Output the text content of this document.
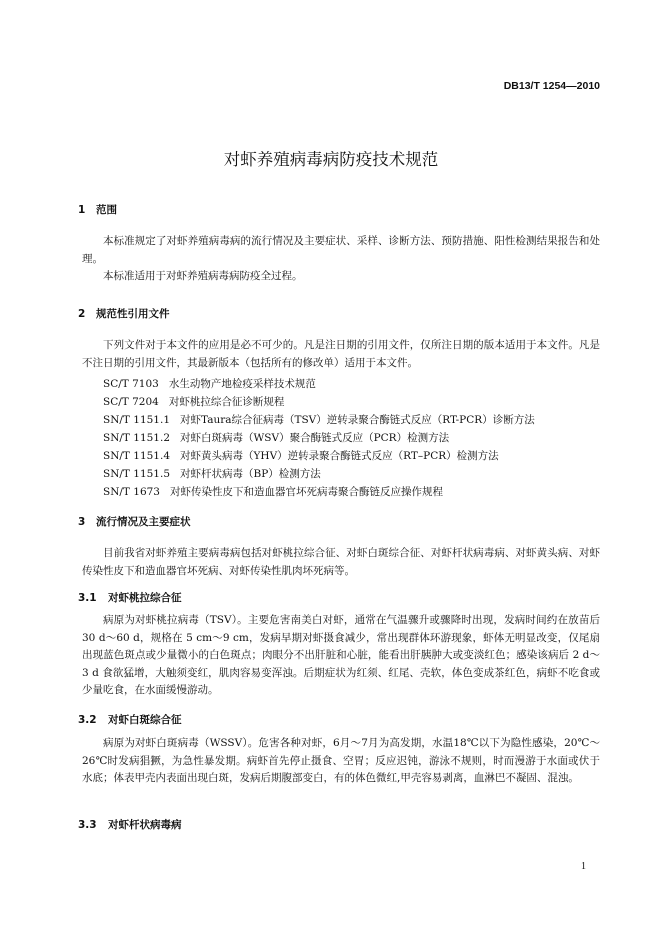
DB13/T 1254—2010
对虾养殖病毒病防疫技术规范
1 范围
本标准规定了对虾养殖病毒病的流行情况及主要症状、采样、诊断方法、预防措施、阳性检测结果报告和处理。
本标准适用于对虾养殖病毒病防疫全过程。
2 规范性引用文件
下列文件对于本文件的应用是必不可少的。凡是注日期的引用文件，仅所注日期的版本适用于本文件。凡是不注日期的引用文件，其最新版本（包括所有的修改单）适用于本文件。
SC/T 7103 水生动物产地检疫采样技术规范
SC/T 7204 对虾桃拉综合征诊断规程
SN/T 1151.1 对虾Taura综合征病毒（TSV）逆转录聚合酶链式反应（RT-PCR）诊断方法
SN/T 1151.2 对虾白斑病毒（WSV）聚合酶链式反应（PCR）检测方法
SN/T 1151.4 对虾黄头病毒（YHV）逆转录聚合酶链式反应（RT–PCR）检测方法
SN/T 1151.5 对虾杆状病毒（BP）检测方法
SN/T 1673 对虾传染性皮下和造血器官坏死病毒聚合酶链反应操作规程
3 流行情况及主要症状
目前我省对虾养殖主要病毒病包括对虾桃拉综合征、对虾白斑综合征、对虾杆状病毒病、对虾黄头病、对虾传染性皮下和造血器官坏死病、对虾传染性肌肉坏死病等。
3.1 对虾桃拉综合征
病原为对虾桃拉病毒（TSV）。主要危害南美白对虾，通常在气温骤升或骤降时出现，发病时间约在放苗后 30 d～60 d，规格在 5 cm～9 cm，发病早期对虾摄食减少，常出现群体环游现象，虾体无明显改变，仅尾扇出现蓝色斑点或少量微小的白色斑点；肉眼分不出肝脏和心脏，能看出肝胰肿大或变淡红色；感染该病后 2 d～3 d 食欲猛增，大触须变红，肌肉容易变浑浊。后期症状为红须、红尾、壳软，体色变成茶红色，病虾不吃食或少量吃食，在水面缓慢游动。
3.2 对虾白斑综合征
病原为对虾白斑病毒（WSSV）。危害各种对虾，6月～7月为高发期，水温18℃以下为隐性感染，20℃～26℃时发病猖獗，为急性暴发期。病虾首先停止摄食、空胃；反应迟钝，游泳不规则，时而漫游于水面或伏于水底；体表甲壳内表面出现白斑，发病后期腹部变白，有的体色微红,甲壳容易剥离，血淋巴不凝固、混浊。
3.3 对虾杆状病毒病
1
